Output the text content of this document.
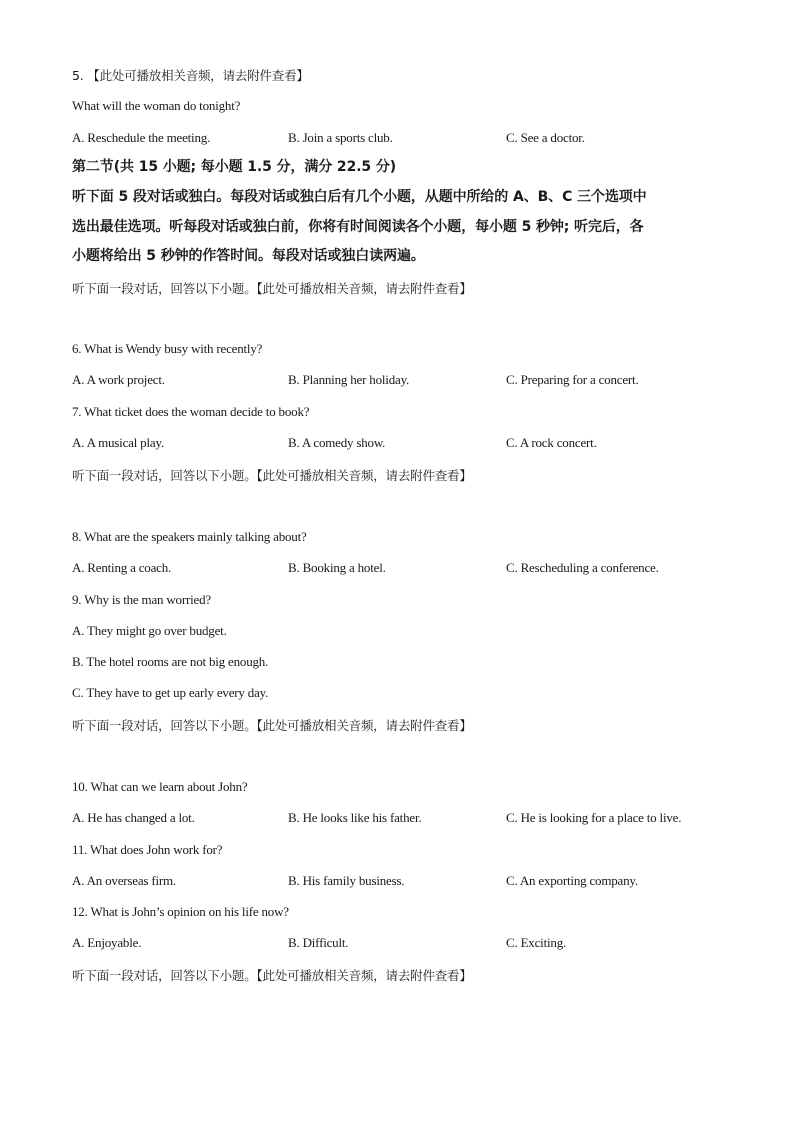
5. 【此处可播放相关音频，请去附件查看】
What will the woman do tonight?
A. Reschedule the meeting.	B. Join a sports club.	C. See a doctor.
第二节(共 15 小题; 每小题 1.5 分，满分 22.5 分)
听下面 5 段对话或独白。每段对话或独白后有几个小题，从题中所给的 A、B、C 三个选项中
选出最佳选项。听每段对话或独白前，你将有时间阅读各个小题，每小题 5 秒钟; 听完后，各
小题将给出 5 秒钟的作答时间。每段对话或独白读两遍。
听下面一段对话，回答以下小题。【此处可播放相关音频，请去附件查看】
6. What is Wendy busy with recently?
A. A work project.	B. Planning her holiday.	C. Preparing for a concert.
7. What ticket does the woman decide to book?
A. A musical play.	B. A comedy show.	C. A rock concert.
听下面一段对话，回答以下小题。【此处可播放相关音频，请去附件查看】
8. What are the speakers mainly talking about?
A. Renting a coach.	B. Booking a hotel.	C. Rescheduling a conference.
9. Why is the man worried?
A. They might go over budget.
B. The hotel rooms are not big enough.
C. They have to get up early every day.
听下面一段对话，回答以下小题。【此处可播放相关音频，请去附件查看】
10. What can we learn about John?
A. He has changed a lot.	B. He looks like his father.	C. He is looking for a place to live.
11. What does John work for?
A. An overseas firm.	B. His family business.	C. An exporting company.
12. What is John’s opinion on his life now?
A. Enjoyable.	B. Difficult.	C. Exciting.
听下面一段对话，回答以下小题。【此处可播放相关音频，请去附件查看】
